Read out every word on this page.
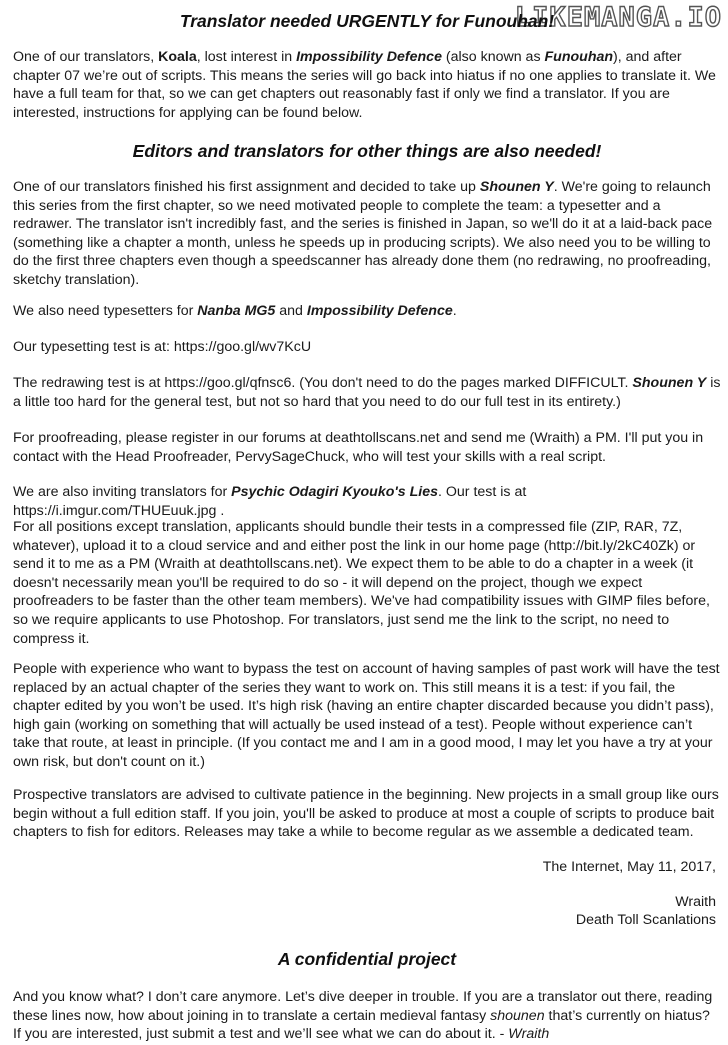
LIKEMANGA.IO
Translator needed URGENTLY for Funouhan!

One of our translators, Koala, lost interest in Impossibility Defence (also known as Funouhan), and after chapter 07 we’re out of scripts. This means the series will go back into hiatus if no one applies to translate it. We have a full team for that, so we can get chapters out reasonably fast if only we find a translator. If you are interested, instructions for applying can be found below.

Editors and translators for other things are also needed!

One of our translators finished his first assignment and decided to take up Shounen Y. We're going to relaunch this series from the first chapter, so we need motivated people to complete the team: a typesetter and a redrawer. The translator isn't incredibly fast, and the series is finished in Japan, so we'll do it at a laid-back pace (something like a chapter a month, unless he speeds up in producing scripts). We also need you to be willing to do the first three chapters even though a speedscanner has already done them (no redrawing, no proofreading, sketchy translation).

We also need typesetters for Nanba MG5 and Impossibility Defence.

Our typesetting test is at: https://goo.gl/wv7KcU

The redrawing test is at https://goo.gl/qfnsc6. (You don't need to do the pages marked DIFFICULT. Shounen Y is a little too hard for the general test, but not so hard that you need to do our full test in its entirety.)

For proofreading, please register in our forums at deathtollscans.net and send me (Wraith) a PM. I'll put you in contact with the Head Proofreader, PervySageChuck, who will test your skills with a real script.

We are also inviting translators for Psychic Odagiri Kyouko's Lies. Our test is at https://i.imgur.com/THUEuuk.jpg .

For all positions except translation, applicants should bundle their tests in a compressed file (ZIP, RAR, 7Z, whatever), upload it to a cloud service and and either post the link in our home page (http://bit.ly/2kC40Zk) or send it to me as a PM (Wraith at deathtollscans.net). We expect them to be able to do a chapter in a week (it doesn't necessarily mean you'll be required to do so - it will depend on the project, though we expect proofreaders to be faster than the other team members). We've had compatibility issues with GIMP files before, so we require applicants to use Photoshop. For translators, just send me the link to the script, no need to compress it.

People with experience who want to bypass the test on account of having samples of past work will have the test replaced by an actual chapter of the series they want to work on. This still means it is a test: if you fail, the chapter edited by you won’t be used. It’s high risk (having an entire chapter discarded because you didn’t pass), high gain (working on something that will actually be used instead of a test). People without experience can’t take that route, at least in principle. (If you contact me and I am in a good mood, I may let you have a try at your own risk, but don't count on it.)

Prospective translators are advised to cultivate patience in the beginning. New projects in a small group like ours begin without a full edition staff. If you join, you'll be asked to produce at most a couple of scripts to produce bait chapters to fish for editors. Releases may take a while to become regular as we assemble a dedicated team.

The Internet, May 11, 2017,
Wraith
Death Toll Scanlations
A confidential project

And you know what? I don’t care anymore. Let’s dive deeper in trouble. If you are a translator out there, reading these lines now, how about joining in to translate a certain medieval fantasy shounen that’s currently on hiatus? If you are interested, just submit a test and we’ll see what we can do about it. - Wraith
